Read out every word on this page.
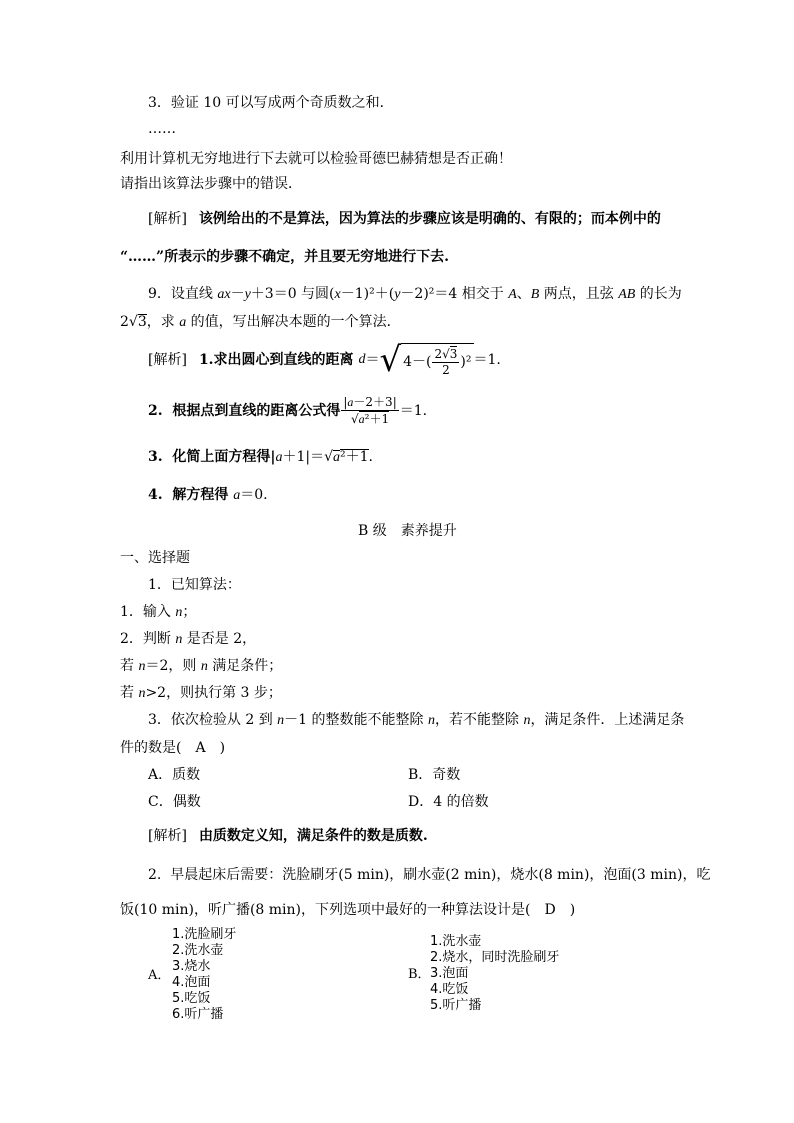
3．验证 10 可以写成两个奇质数之和．
……
利用计算机无穷地进行下去就可以检验哥德巴赫猜想是否正确！
请指出该算法步骤中的错误．
[解析] 该例给出的不是算法，因为算法的步骤应该是明确的、有限的；而本例中的
“……”所表示的步骤不确定，并且要无穷地进行下去.
9．设直线 ax － y ＋3＝0 与圆( x －1)²＋( y －2)²＝4 相交于 A 、 B 两点，且弦 AB 的长为
2 √ 3 ，求 a 的值，写出解决本题的一个算法．
[解析] 1.求出圆心到直线的距离 d ＝ √ $4-( \frac{2 √ 3}{2} )^2 =1$.
2.  根据点到直线的距离公式得 $\frac{| a -2+3|}{\text{√ a ²＋1}} =1$.
3.  化简上面方程得| a ＋1|＝ √ a ²＋1 .
4.  解方程得 a ＝0.
B 级　素养提升
一、选择题
1．已知算法：
1．输入 n ；
2．判断 n 是否是 2，
若 n ＝2，则 n 满足条件；
若 n >2，则执行第 3 步；
3．依次检验从 2 到 n －1 的整数能不能整除 n ，若不能整除 n ，满足条件．上述满足条
件的数是(　A　)
A．质数	B．奇数
C．偶数	D．4 的倍数
[解析] 由质数定义知，满足条件的数是质数.
2.  早晨起床后需要：洗脸刷牙(5 min)，刷水壶(2 min)，烧水(8 min)，泡面(3 min)，吃
饭(10 min)，听广播(8 min)，下列选项中最好的一种算法设计是(　D　)
A．
1.洗脸刷牙
2.洗水壶
3.烧水
4.泡面
5.吃饭
6.听广播
B．
1.洗水壶
2.烧水，同时洗脸刷牙
3.泡面
4.吃饭
5.听广播
